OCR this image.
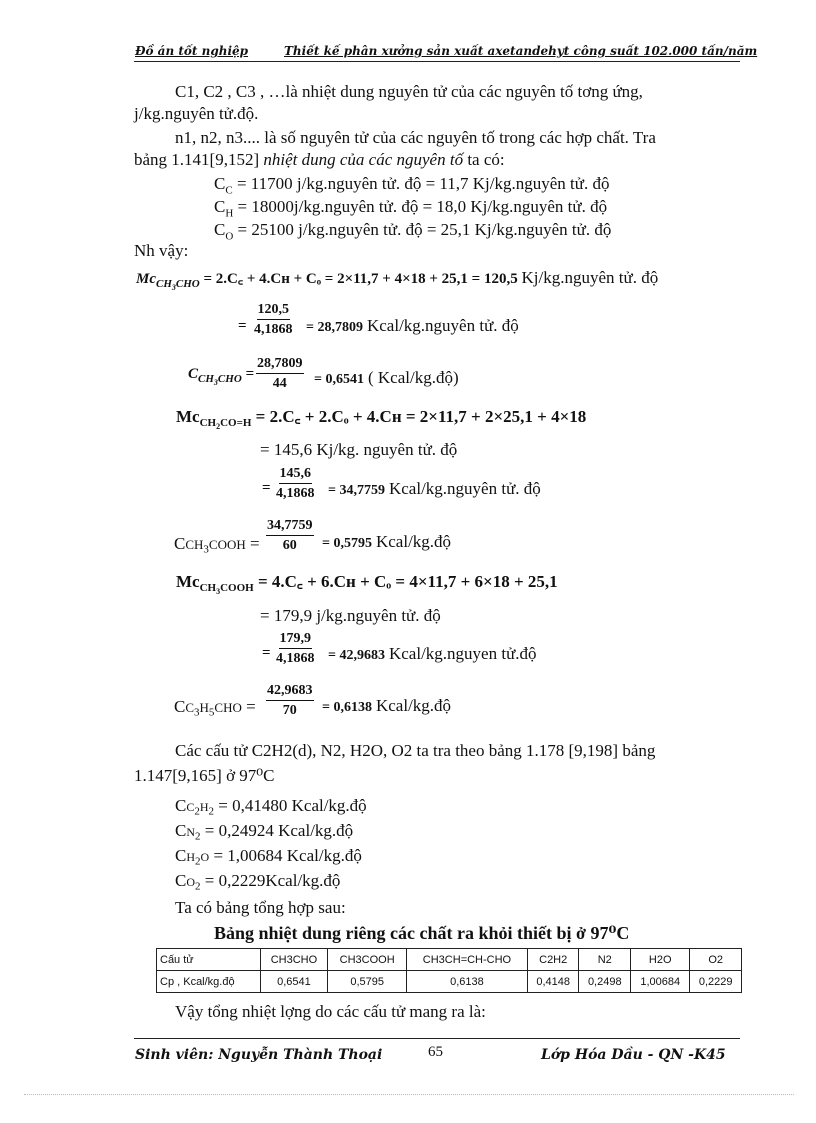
Đồ án tốt nghiệp	Thiết kế phân xưởng sản xuất axetandehyt công suất 102.000 tấn/năm
C1, C2 , C3 , …là nhiệt dung nguyên tử của các nguyên tố tơng ứng,
j/kg.nguyên tử.độ.
n1, n2, n3.... là số nguyên tử của các nguyên tố trong các hợp chất. Tra
bảng 1.141[9,152] nhiệt dung của các nguyên tố ta có:
$C_C = 11700$ j/kg.nguyên tử. độ = 11,7 Kj/kg.nguyên tử. độ
$C_H$ = 18000j/kg.nguyên tử. độ = 18,0 Kj/kg.nguyên tử. độ
$C_O = 25100$ j/kg.nguyên tử. độ = 25,1 Kj/kg.nguyên tử. độ
Nh vậy:
$Mc_{CH_3CHO}$ = 2.C꜀ + 4.Cʜ + Cₒ = 2×11,7 + 4×18 + 25,1 = 120,5 Kj/kg.nguyên tử. độ
= $\frac{120,5}{4,1868} = 28,7809$ Kcal/kg.nguyên tử. độ
$C_{CH_3CHO} = \frac{28,7809}{44} = 0,6541$ ( Kcal/kg.độ)
$Mc_{CH_2CO=H}$ = 2.C꜀ + 2.Cₒ + 4.Cʜ = 2×11,7 + 2×25,1 + 4×18
= 145,6 Kj/kg. nguyên tử. độ
= $\frac{145,6}{4,1868} = 34,7759$ Kcal/kg.nguyên tử. độ
$CCH_3COOH = \frac{34,7759}{60} = 0,5795$ Kcal/kg.độ
$Mc_{CH_3COOH}$ = 4.C꜀ + 6.Cʜ + Cₒ = 4×11,7 + 6×18 + 25,1
= 179,9 j/kg.nguyên tử. độ
= $\frac{179,9}{4,1868} = 42,9683$ Kcal/kg.nguyen tử.độ
$CC_3H_5CHO = \frac{42,9683}{70} = 0,6138$ Kcal/kg.độ
Các cấu tử C2H2(d), N2, H2O, O2 ta tra theo bảng 1.178 [9,198] bảng
1.147[9,165] ở 97⁰C
$CC_2H_2 = 0,41480$ Kcal/kg.độ
$CN_2 = 0,24924$ Kcal/kg.độ
$CH_2O = 1,00684$ Kcal/kg.độ
$CO_2$ = 0,2229Kcal/kg.độ
Ta có bảng tổng hợp sau:
Bảng nhiệt dung riêng các chất ra khỏi thiết bị ở 97⁰C
Cấu tử	CH3CHO	CH3COOH	CH3CH=CH-CHO	C2H2	N2	H2O	O2
Cp , Kcal/kg.độ	0,6541	0,5795	0,6138	0,4148	0,2498	1,00684	0,2229
Vậy tổng nhiệt lợng do các cấu tử mang ra là:
Sinh viên: Nguyễn Thành Thoại	65	Lớp Hóa Dầu - QN -K45
